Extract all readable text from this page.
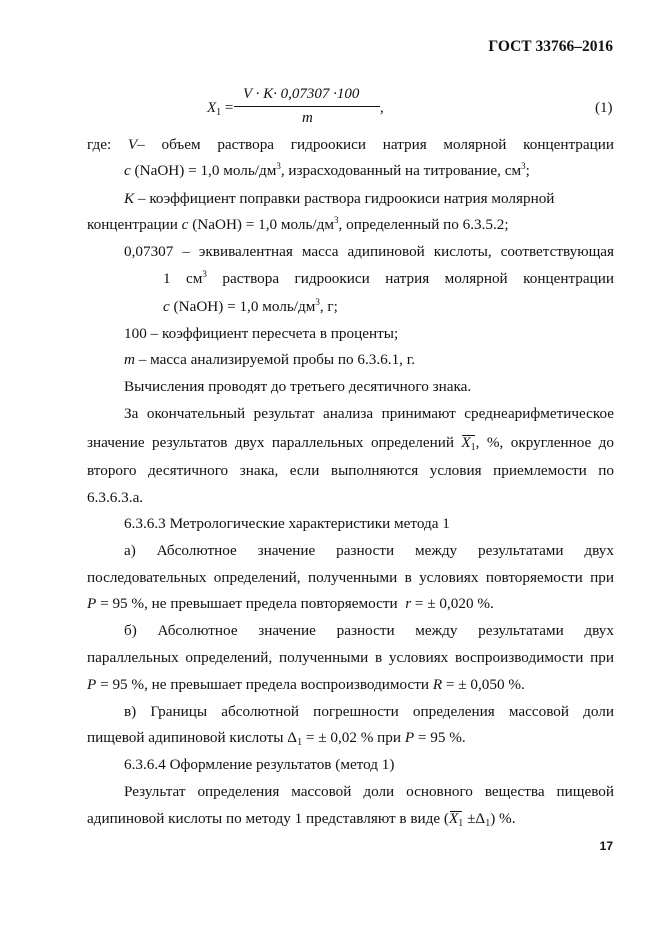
ГОСТ 33766–2016
$X_1$ =
V · K· 0,07307 ·100
m
,	(1)
где: V– объем раствора гидроокиси натрия молярной концентрации
c (NaOH) = 1,0 моль/$дм^3$, израсходованный на титрование, $см^3$;
K – коэффициент поправки раствора гидроокиси натрия молярной
концентрации c (NaOH) = 1,0 моль/$дм^3$, определенный по 6.3.5.2;
0,07307 – эквивалентная масса адипиновой кислоты, соответствующая
1 $см^3$ раствора гидроокиси натрия молярной концентрации
c (NaOH) = 1,0 моль/$дм^3$, г;
100 – коэффициент пересчета в проценты;
m – масса анализируемой пробы по 6.3.6.1, г.
Вычисления проводят до третьего десятичного знака.
За окончательный результат анализа принимают среднеарифметическое
значение результатов двух параллельных определений $X_1$, %, округленное до
второго десятичного знака, если выполняются условия приемлемости по
6.3.6.3.а.
6.3.6.3 Метрологические характеристики метода 1
а) Абсолютное значение разности между результатами двух
последовательных определений, полученными в условиях повторяемости при
P = 95 %, не превышает предела повторяемости r = ± 0,020 %.
б) Абсолютное значение разности между результатами двух
параллельных определений, полученными в условиях воспроизводимости при
P = 95 %, не превышает предела воспроизводимости R = ± 0,050 %.
в) Границы абсолютной погрешности определения массовой доли
пищевой адипиновой кислоты $\Delta_1$ = ± 0,02 % при P = 95 %.
6.3.6.4 Оформление результатов (метод 1)
Результат определения массовой доли основного вещества пищевой
адипиновой кислоты по методу 1 представляют в виде $(X_1 \pm\Delta_1)$ %.
17
